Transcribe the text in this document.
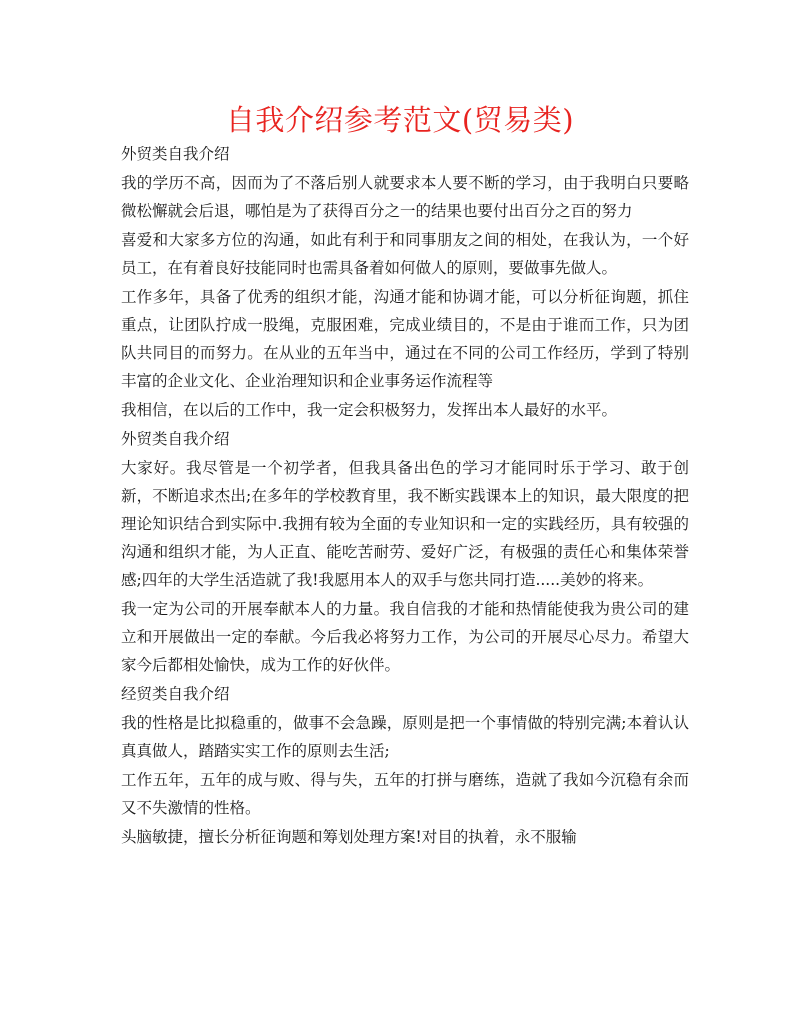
自我介绍参考范文(贸易类)

外贸类自我介绍

我的学历不高，因而为了不落后别人就要求本人要不断的学习，由于我明白只要略微松懈就会后退，哪怕是为了获得百分之一的结果也要付出百分之百的努力

喜爱和大家多方位的沟通，如此有利于和同事朋友之间的相处，在我认为，一个好员工，在有着良好技能同时也需具备着如何做人的原则，要做事先做人。

工作多年，具备了优秀的组织才能，沟通才能和协调才能，可以分析征询题，抓住重点，让团队拧成一股绳，克服困难，完成业绩目的，不是由于谁而工作，只为团队共同目的而努力。在从业的五年当中，通过在不同的公司工作经历，学到了特别丰富的企业文化、企业治理知识和企业事务运作流程等

我相信，在以后的工作中，我一定会积极努力，发挥出本人最好的水平。

外贸类自我介绍

大家好。我尽管是一个初学者，但我具备出色的学习才能同时乐于学习、敢于创新，不断追求杰出;在多年的学校教育里，我不断实践课本上的知识，最大限度的把理论知识结合到实际中.我拥有较为全面的专业知识和一定的实践经历，具有较强的沟通和组织才能，为人正直、能吃苦耐劳、爱好广泛，有极强的责任心和集体荣誉感;四年的大学生活造就了我!我愿用本人的双手与您共同打造.....美妙的将来。

我一定为公司的开展奉献本人的力量。我自信我的才能和热情能使我为贵公司的建立和开展做出一定的奉献。今后我必将努力工作，为公司的开展尽心尽力。希望大家今后都相处愉快，成为工作的好伙伴。

经贸类自我介绍

我的性格是比拟稳重的，做事不会急躁，原则是把一个事情做的特别完满;本着认认真真做人，踏踏实实工作的原则去生活;

工作五年，五年的成与败、得与失，五年的打拼与磨练，造就了我如今沉稳有余而又不失激情的性格。

头脑敏捷，擅长分析征询题和筹划处理方案!对目的执着，永不服输
